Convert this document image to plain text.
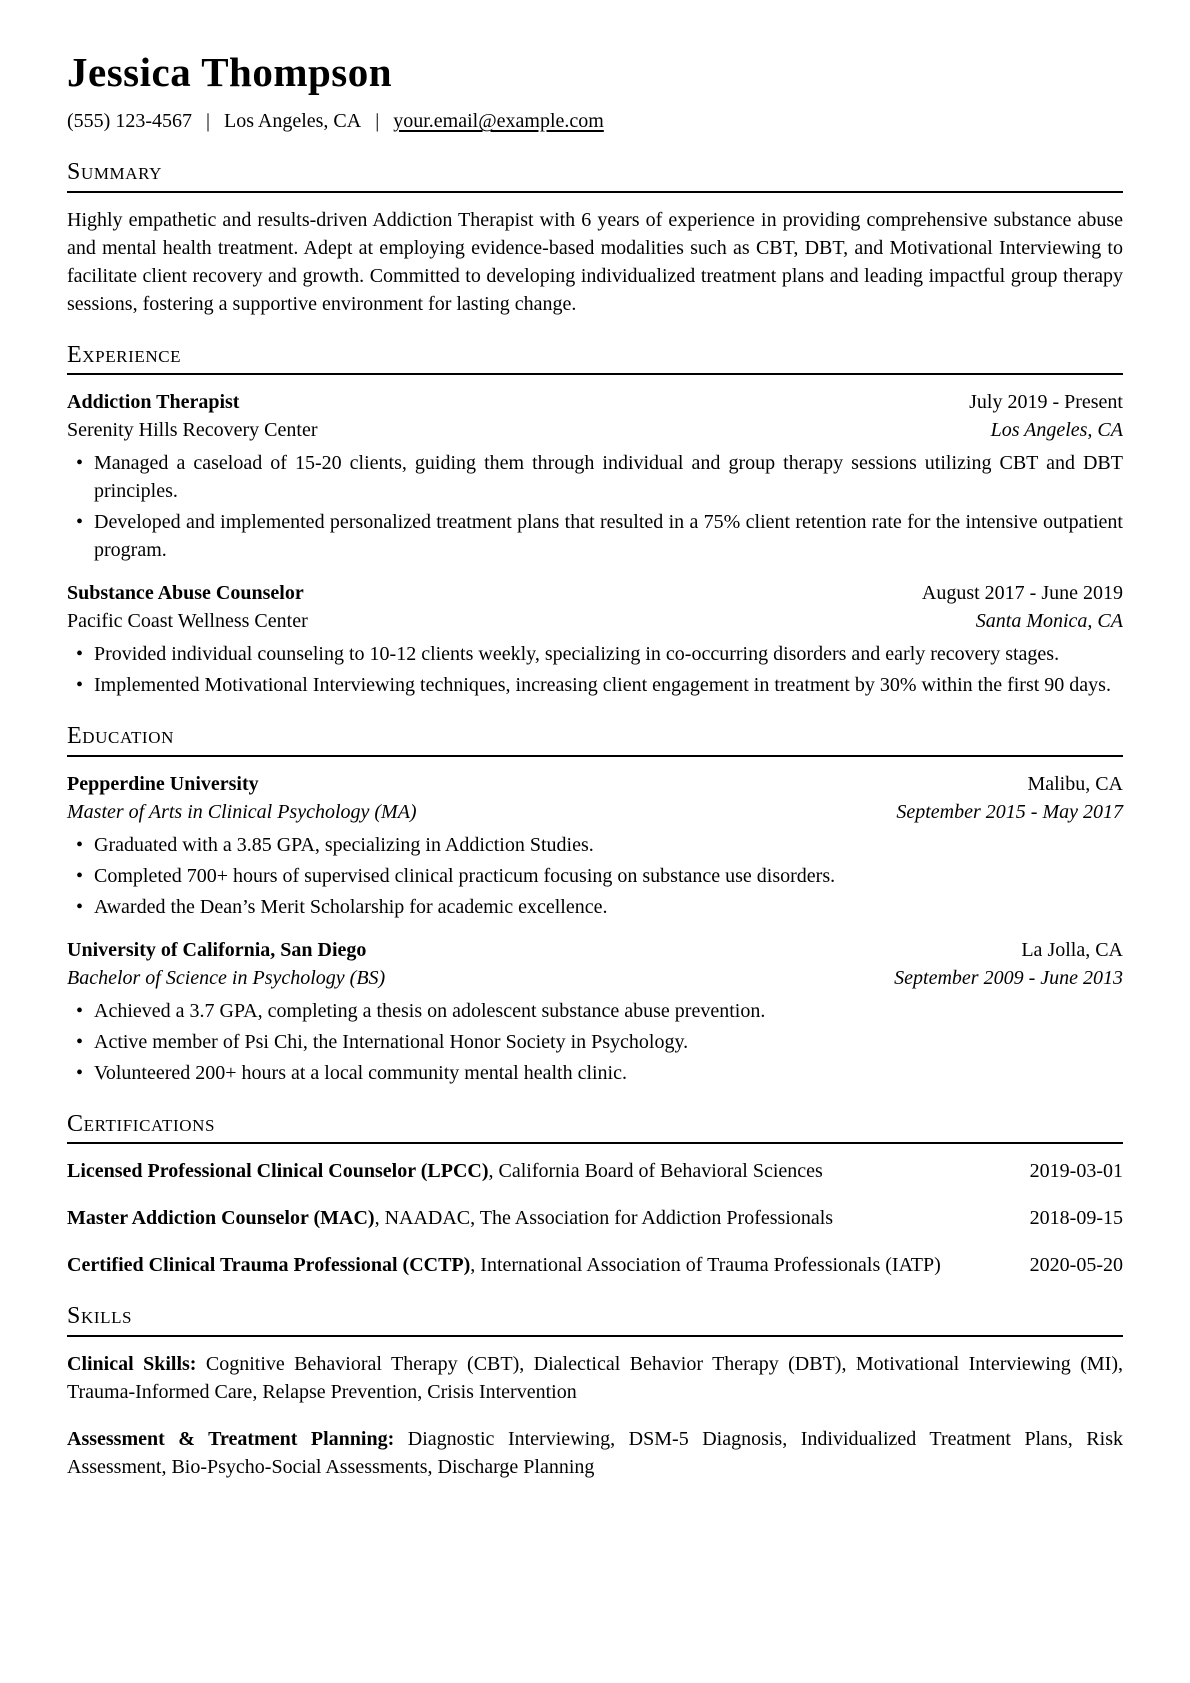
Jessica Thompson
(555) 123-4567 | Los Angeles, CA | your.email@example.com
Summary

Highly empathetic and results-driven Addiction Therapist with 6 years of experience in providing comprehensive substance abuse and mental health treatment. Adept at employing evidence-based modalities such as CBT, DBT, and Motivational Interviewing to facilitate client recovery and growth. Committed to developing individualized treatment plans and leading impactful group therapy sessions, fostering a supportive environment for lasting change.

Experience
Addiction Therapist	July 2019 - Present
Serenity Hills Recovery Center	Los Angeles, CA
• Managed a caseload of 15-20 clients, guiding them through individual and group therapy sessions utilizing CBT and DBT principles.
• Developed and implemented personalized treatment plans that resulted in a 75% client retention rate for the intensive outpatient program.
Substance Abuse Counselor	August 2017 - June 2019
Pacific Coast Wellness Center	Santa Monica, CA
• Provided individual counseling to 10-12 clients weekly, specializing in co-occurring disorders and early recovery stages.
• Implemented Motivational Interviewing techniques, increasing client engagement in treatment by 30% within the first 90 days.
Education
Pepperdine University	Malibu, CA
Master of Arts in Clinical Psychology (MA)	September 2015 - May 2017
• Graduated with a 3.85 GPA, specializing in Addiction Studies.
• Completed 700+ hours of supervised clinical practicum focusing on substance use disorders.
• Awarded the Dean’s Merit Scholarship for academic excellence.
University of California, San Diego	La Jolla, CA
Bachelor of Science in Psychology (BS)	September 2009 - June 2013
• Achieved a 3.7 GPA, completing a thesis on adolescent substance abuse prevention.
• Active member of Psi Chi, the International Honor Society in Psychology.
• Volunteered 200+ hours at a local community mental health clinic.
Certifications
Licensed Professional Clinical Counselor (LPCC), California Board of Behavioral Sciences	2019-03-01
Master Addiction Counselor (MAC), NAADAC, The Association for Addiction Professionals	2018-09-15
Certified Clinical Trauma Professional (CCTP), International Association of Trauma Professionals (IATP)	2020-05-20
Skills

Clinical Skills: Cognitive Behavioral Therapy (CBT), Dialectical Behavior Therapy (DBT), Motivational Interviewing (MI), Trauma-Informed Care, Relapse Prevention, Crisis Intervention

Assessment & Treatment Planning: Diagnostic Interviewing, DSM-5 Diagnosis, Individualized Treatment Plans, Risk Assessment, Bio-Psycho-Social Assessments, Discharge Planning
